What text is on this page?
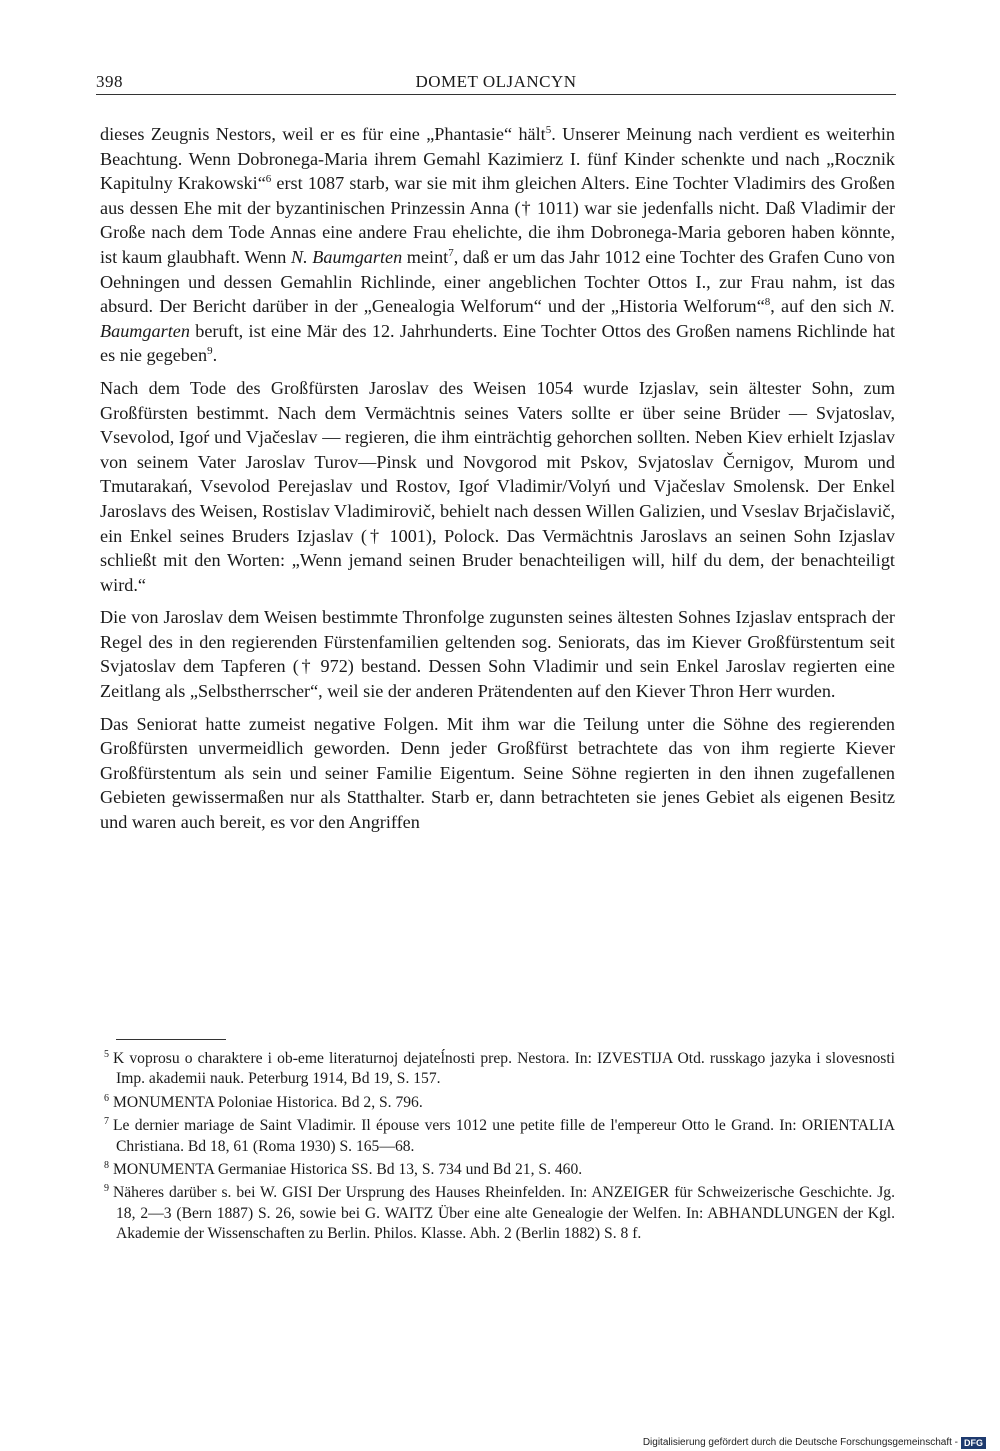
398	DOMET OLJANCYN

dieses Zeugnis Nestors, weil er es für eine „Phantasie“ hält$^5$. Unserer Meinung nach verdient es weiterhin Beachtung. Wenn Dobronega-Maria ihrem Gemahl Kazimierz I. fünf Kinder schenkte und nach „Rocznik Kapitulny Krakowski“$^6$ erst 1087 starb, war sie mit ihm gleichen Alters. Eine Tochter Vladimirs des Großen aus dessen Ehe mit der byzantinischen Prinzessin Anna († 1011) war sie jedenfalls nicht. Daß Vladimir der Große nach dem Tode Annas eine andere Frau ehelichte, die ihm Dobronega-Maria geboren haben könnte, ist kaum glaubhaft. Wenn N. Baumgarten meint$^7$, daß er um das Jahr 1012 eine Tochter des Grafen Cuno von Oehningen und dessen Gemahlin Richlinde, einer angeblichen Tochter Ottos I., zur Frau nahm, ist das absurd. Der Bericht darüber in der „Genealogia Welforum“ und der „Historia Welforum“$^8$, auf den sich N. Baumgarten beruft, ist eine Mär des 12. Jahrhunderts. Eine Tochter Ottos des Großen namens Richlinde hat es nie gegeben$^9$.

Nach dem Tode des Großfürsten Jaroslav des Weisen 1054 wurde Izjaslav, sein ältester Sohn, zum Großfürsten bestimmt. Nach dem Vermächtnis seines Vaters sollte er über seine Brüder — Svjatoslav, Vsevolod, Igoŕ und Vjačeslav — regieren, die ihm einträchtig gehorchen sollten. Neben Kiev erhielt Izjaslav von seinem Vater Jaroslav Turov—Pinsk und Novgorod mit Pskov, Svjatoslav Černigov, Murom und Tmutarakań, Vsevolod Perejaslav und Rostov, Igoŕ Vladimir/Volyń und Vjačeslav Smolensk. Der Enkel Jaroslavs des Weisen, Rostislav Vladimirovič, behielt nach dessen Willen Galizien, und Vseslav Brjačislavič, ein Enkel seines Bruders Izjaslav († 1001), Polock. Das Vermächtnis Jaroslavs an seinen Sohn Izjaslav schließt mit den Worten: „Wenn jemand seinen Bruder benachteiligen will, hilf du dem, der benachteiligt wird.“

Die von Jaroslav dem Weisen bestimmte Thronfolge zugunsten seines ältesten Sohnes Izjaslav entsprach der Regel des in den regierenden Fürstenfamilien geltenden sog. Seniorats, das im Kiever Großfürstentum seit Svjatoslav dem Tapferen († 972) bestand. Dessen Sohn Vladimir und sein Enkel Jaroslav regierten eine Zeitlang als „Selbstherrscher“, weil sie der anderen Prätendenten auf den Kiever Thron Herr wurden.

Das Seniorat hatte zumeist negative Folgen. Mit ihm war die Teilung unter die Söhne des regierenden Großfürsten unvermeidlich geworden. Denn jeder Großfürst betrachtete das von ihm regierte Kiever Großfürstentum als sein und seiner Familie Eigentum. Seine Söhne regierten in den ihnen zugefallenen Gebieten gewissermaßen nur als Statthalter. Starb er, dann betrachteten sie jenes Gebiet als eigenen Besitz und waren auch bereit, es vor den Angriffen

$^5$ K voprosu o charaktere i ob-eme literaturnoj dejateĺnosti prep. Nestora. In: IZVESTIJA Otd. russkago jazyka i slovesnosti Imp. akademii nauk. Peterburg 1914, Bd 19, S. 157.

$^6$ MONUMENTA Poloniae Historica. Bd 2, S. 796.

$^7$ Le dernier mariage de Saint Vladimir. Il épouse vers 1012 une petite fille de l'empereur Otto le Grand. In: ORIENTALIA Christiana. Bd 18, 61 (Roma 1930) S. 165—68.

$^8$ MONUMENTA Germaniae Historica SS. Bd 13, S. 734 und Bd 21, S. 460.

$^9$ Näheres darüber s. bei W. GISI Der Ursprung des Hauses Rheinfelden. In: ANZEIGER für Schweizerische Geschichte. Jg. 18, 2—3 (Bern 1887) S. 26, sowie bei G. WAITZ Über eine alte Genealogie der Welfen. In: ABHANDLUNGEN der Kgl. Akademie der Wissenschaften zu Berlin. Philos. Klasse. Abh. 2 (Berlin 1882) S. 8 f.

Digitalisierung gefördert durch die Deutsche Forschungsgemeinschaft - DFG
